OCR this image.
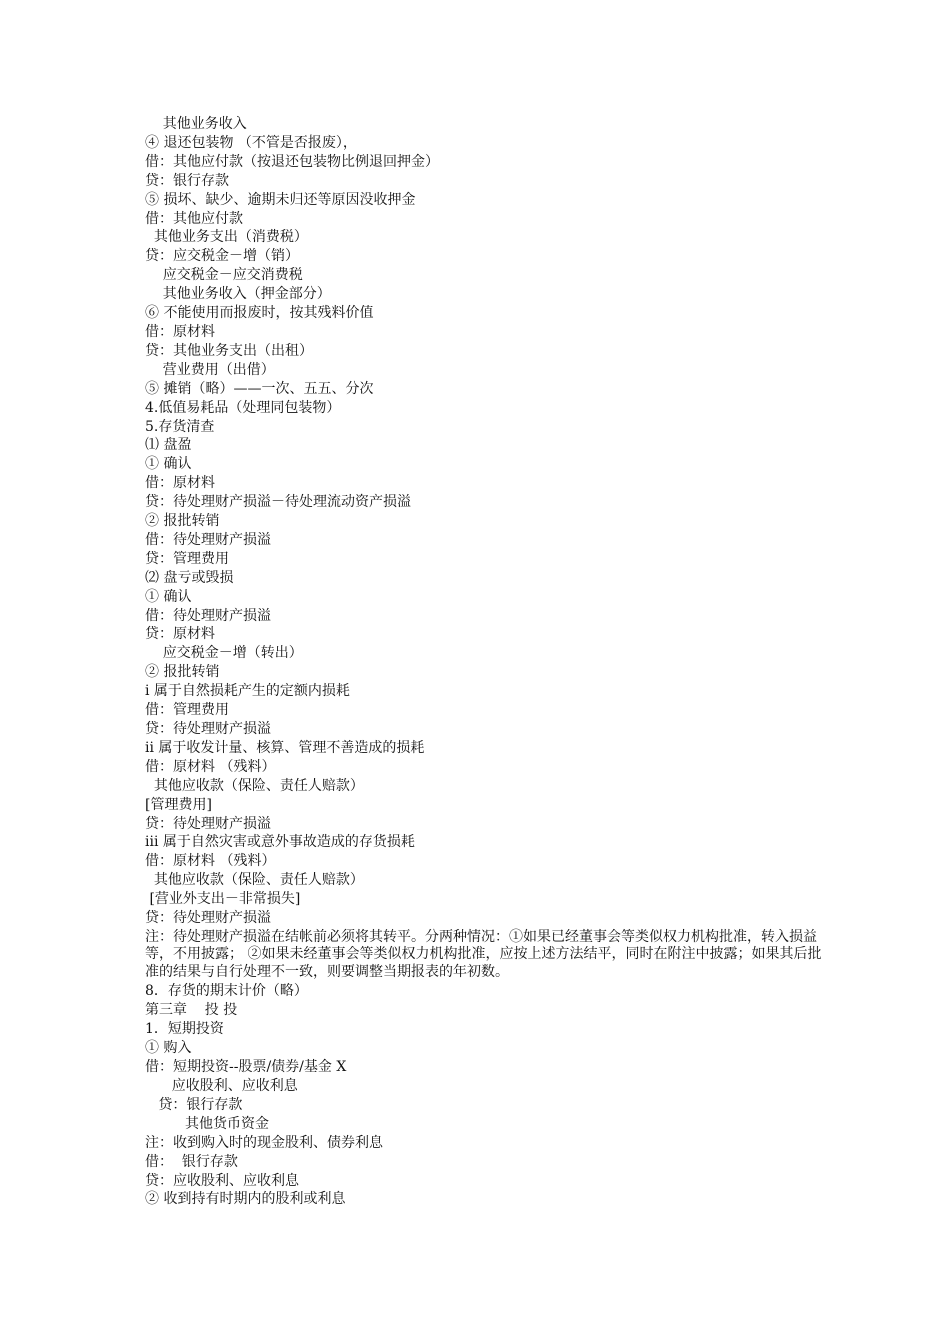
其他业务收入
④ 退还包装物 （不管是否报废），
借：其他应付款（按退还包装物比例退回押金）
贷：银行存款
⑤ 损坏、缺少、逾期未归还等原因没收押金
借：其他应付款
其他业务支出（消费税）
贷：应交税金－增（销）
应交税金－应交消费税
其他业务收入（押金部分）
⑥ 不能使用而报废时，按其残料价值
借：原材料
贷：其他业务支出（出租）
营业费用（出借）
⑤ 摊销（略）——一次、五五、分次
4.低值易耗品（处理同包装物）
5.存货清查
⑴ 盘盈
① 确认
借：原材料
贷：待处理财产损溢－待处理流动资产损溢
② 报批转销
借：待处理财产损溢
贷：管理费用
⑵ 盘亏或毁损
① 确认
借：待处理财产损溢
贷：原材料
应交税金－增（转出）
② 报批转销
i 属于自然损耗产生的定额内损耗
借：管理费用
贷：待处理财产损溢
ii 属于收发计量、核算、管理不善造成的损耗
借：原材料 （残料）
其他应收款（保险、责任人赔款）
[管理费用]
贷：待处理财产损溢
iii 属于自然灾害或意外事故造成的存货损耗
借：原材料 （残料）
其他应收款（保险、责任人赔款）
[营业外支出－非常损失]
贷：待处理财产损溢
注：待处理财产损溢在结帐前必须将其转平。分两种情况：①如果已经董事会等类似权力机构批准，转入损益等，不用披露； ②如果未经董事会等类似权力机构批准，应按上述方法结平，同时在附注中披露；如果其后批准的结果与自行处理不一致，则要调整当期报表的年初数。
8．存货的期末计价（略）
第三章    投 投
1．短期投资
① 购入
借：短期投资--股票/债券/基金 X
应收股利、应收利息
贷：银行存款
其他货币资金
注：收到购入时的现金股利、债券利息
借：  银行存款
贷：应收股利、应收利息
② 收到持有时期内的股利或利息
